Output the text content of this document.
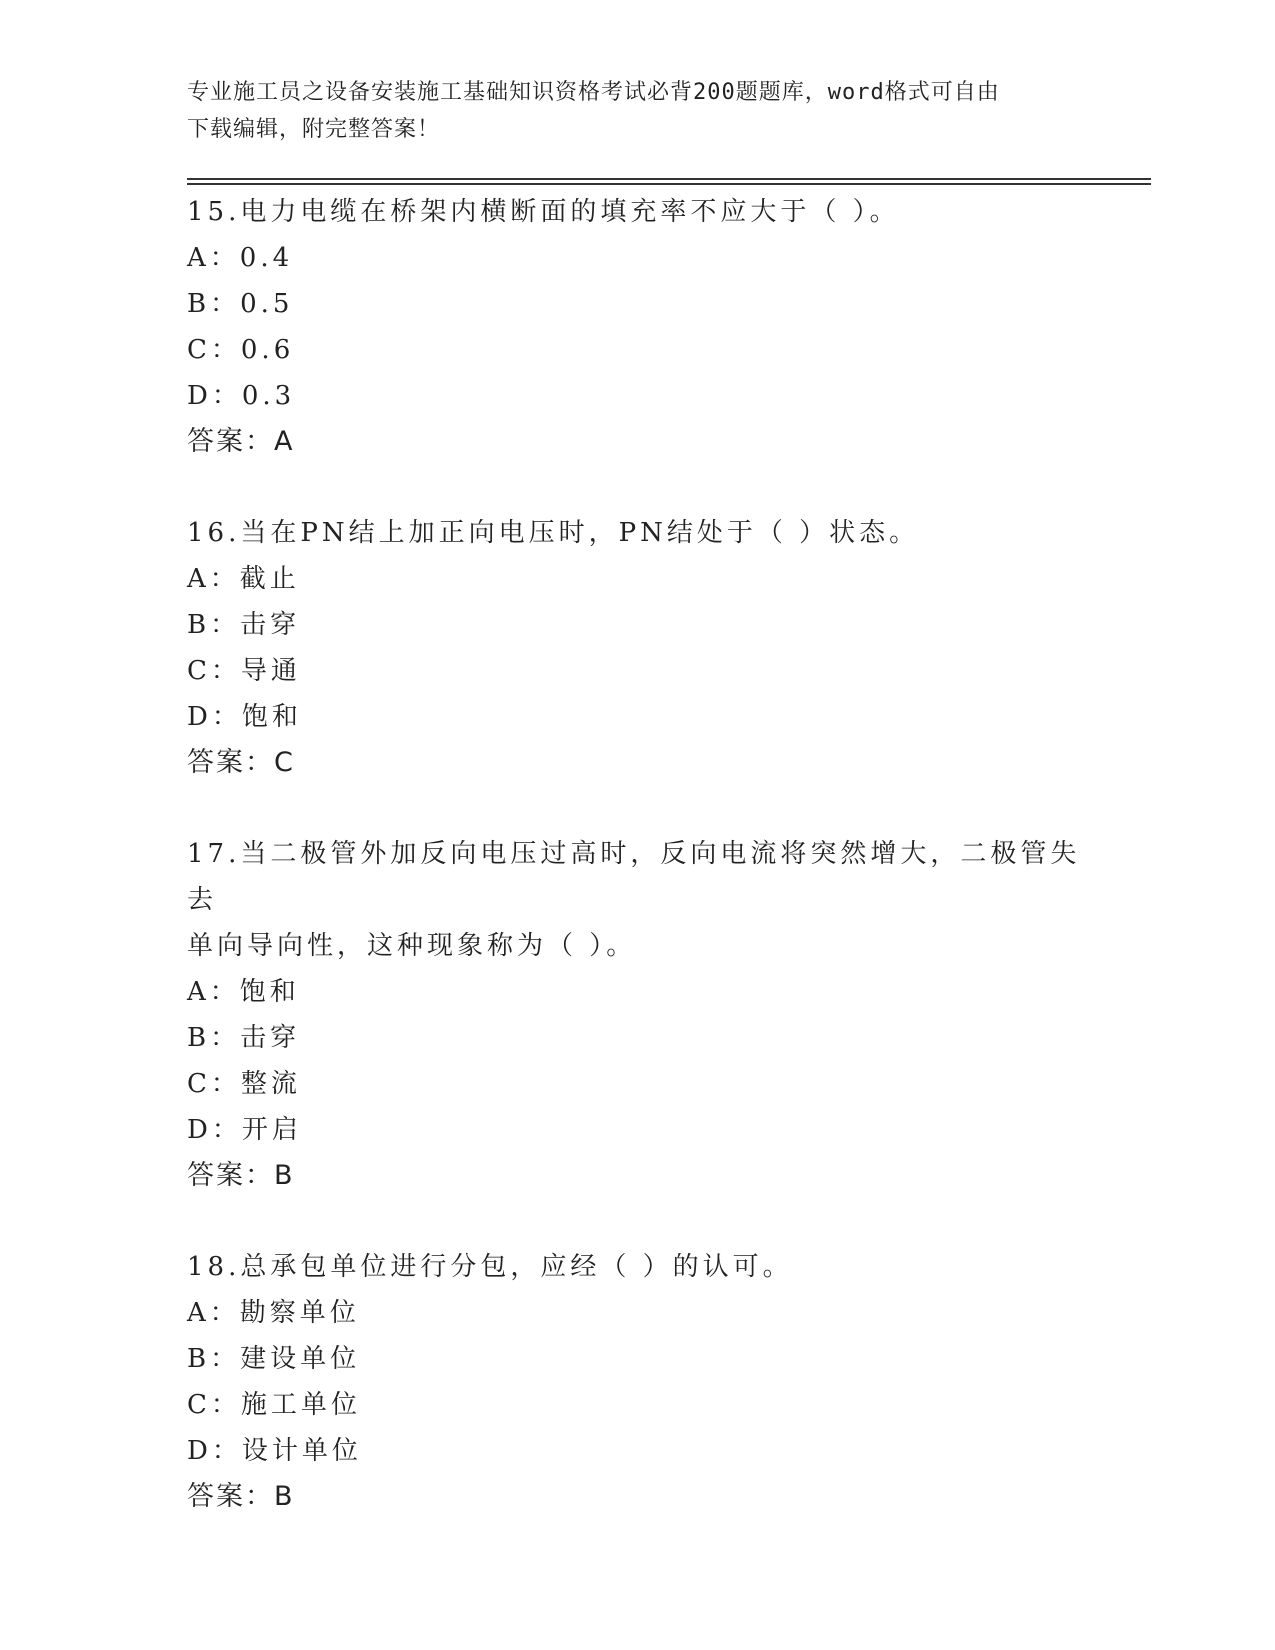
专业施工员之设备安装施工基础知识资格考试必背200题题库，word格式可自由
下载编辑，附完整答案！
15.电力电缆在桥架内横断面的填充率不应大于（ ）。
A：0.4
B：0.5
C：0.6
D：0.3
答案：A
16.当在PN结上加正向电压时，PN结处于（ ）状态。
A：截止
B：击穿
C：导通
D：饱和
答案：C
17.当二极管外加反向电压过高时，反向电流将突然增大，二极管失去
单向导向性，这种现象称为（ ）。
A：饱和
B：击穿
C：整流
D：开启
答案：B
18.总承包单位进行分包，应经（ ）的认可。
A：勘察单位
B：建设单位
C：施工单位
D：设计单位
答案：B
